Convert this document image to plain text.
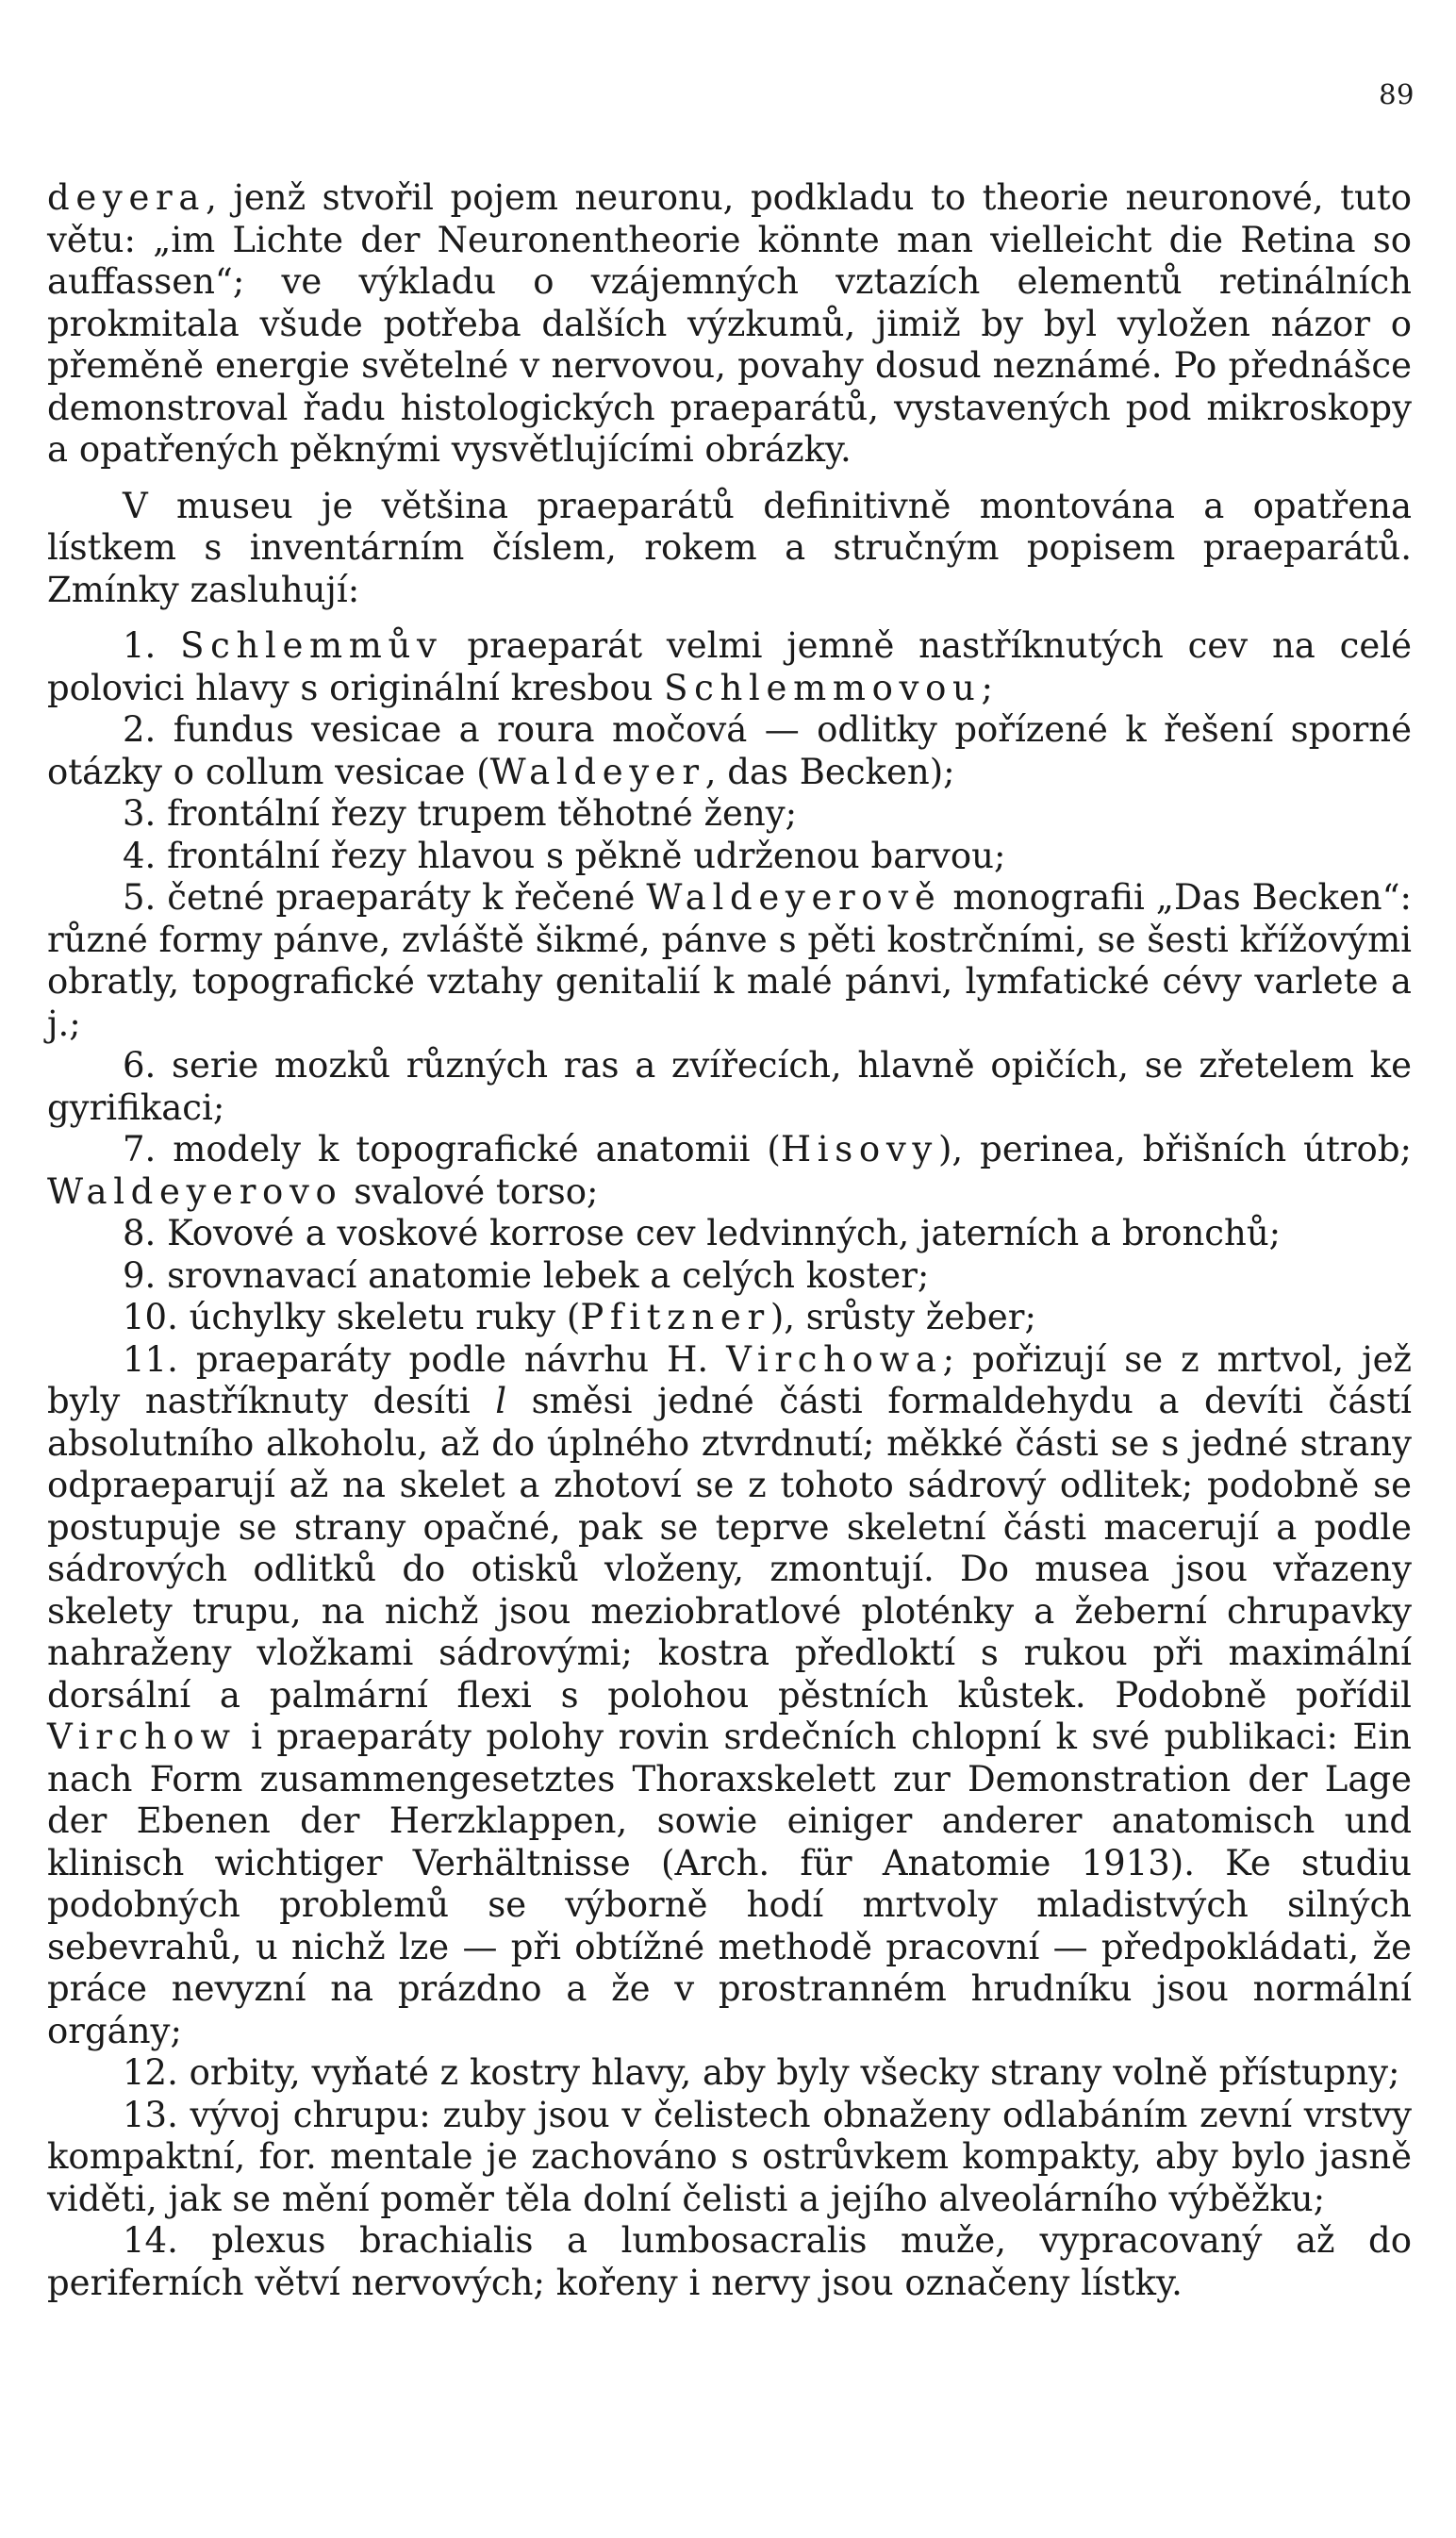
89

deyera, jenž stvořil pojem neuronu, podkladu to theorie neuronové, tuto větu: „im Lichte der Neuronentheorie könnte man vielleicht die Retina so auffassen“; ve výkladu o vzájemných vztazích elementů retinálních prokmitala všude potřeba dalších výzkumů, jimiž by byl vyložen názor o přeměně energie světelné v nervovou, povahy dosud neznámé. Po přednášce demonstroval řadu histologických praeparátů, vystavených pod mikroskopy a opatřených pěknými vysvětlujícími obrázky.

V museu je většina praeparátů definitivně montována a opatřena lístkem s inventárním číslem, rokem a stručným popisem praeparátů. Zmínky zasluhují:

1. Schlemmův praeparát velmi jemně nastříknutých cev na celé polovici hlavy s originální kresbou Schlemmovou;

2. fundus vesicae a roura močová — odlitky pořízené k řešení sporné otázky o collum vesicae (Waldeyer, das Becken);

3. frontální řezy trupem těhotné ženy;

4. frontální řezy hlavou s pěkně udrženou barvou;

5. četné praeparáty k řečené Waldeyerově monografii „Das Becken“: různé formy pánve, zvláště šikmé, pánve s pěti kostrčními, se šesti křížovými obratly, topografické vztahy genitalií k malé pánvi, lymfatické cévy varlete a j.;

6. serie mozků různých ras a zvířecích, hlavně opičích, se zřetelem ke gyrifikaci;

7. modely k topografické anatomii (Hisovy), perinea, břišních útrob; Waldeyerovo svalové torso;

8. Kovové a voskové korrose cev ledvinných, jaterních a bronchů;

9. srovnavací anatomie lebek a celých koster;

10. úchylky skeletu ruky (Pfitzner), srůsty žeber;

11. praeparáty podle návrhu H. Virchowa; pořizují se z mrtvol, jež byly nastříknuty desíti l směsi jedné části formaldehydu a devíti částí absolutního alkoholu, až do úplného ztvrdnutí; měkké části se s jedné strany odpraeparují až na skelet a zhotoví se z tohoto sádrový odlitek; podobně se postupuje se strany opačné, pak se teprve skeletní části macerují a podle sádrových odlitků do otisků vloženy, zmontují. Do musea jsou vřazeny skelety trupu, na nichž jsou meziobratlové ploténky a žeberní chrupavky nahraženy vložkami sádrovými; kostra předloktí s rukou při maximální dorsální a palmární flexi s polohou pěstních kůstek. Podobně pořídil Virchow i praeparáty polohy rovin srdečních chlopní k své publikaci: Ein nach Form zusammengesetztes Thoraxskelett zur Demonstration der Lage der Ebenen der Herzklappen, sowie einiger anderer anatomisch und klinisch wichtiger Verhältnisse (Arch. für Anatomie 1913). Ke studiu podobných problemů se výborně hodí mrtvoly mladistvých silných sebevrahů, u nichž lze — při obtížné methodě pracovní — předpokládati, že práce nevyzní na prázdno a že v prostranném hrudníku jsou normální orgány;

12. orbity, vyňaté z kostry hlavy, aby byly všecky strany volně přístupny;

13. vývoj chrupu: zuby jsou v čelistech obnaženy odlabáním zevní vrstvy kompaktní, for. mentale je zachováno s ostrůvkem kompakty, aby bylo jasně viděti, jak se mění poměr těla dolní čelisti a jejího alveolárního výběžku;

14. plexus brachialis a lumbosacralis muže, vypracovaný až do periferních větví nervových; kořeny i nervy jsou označeny lístky.
